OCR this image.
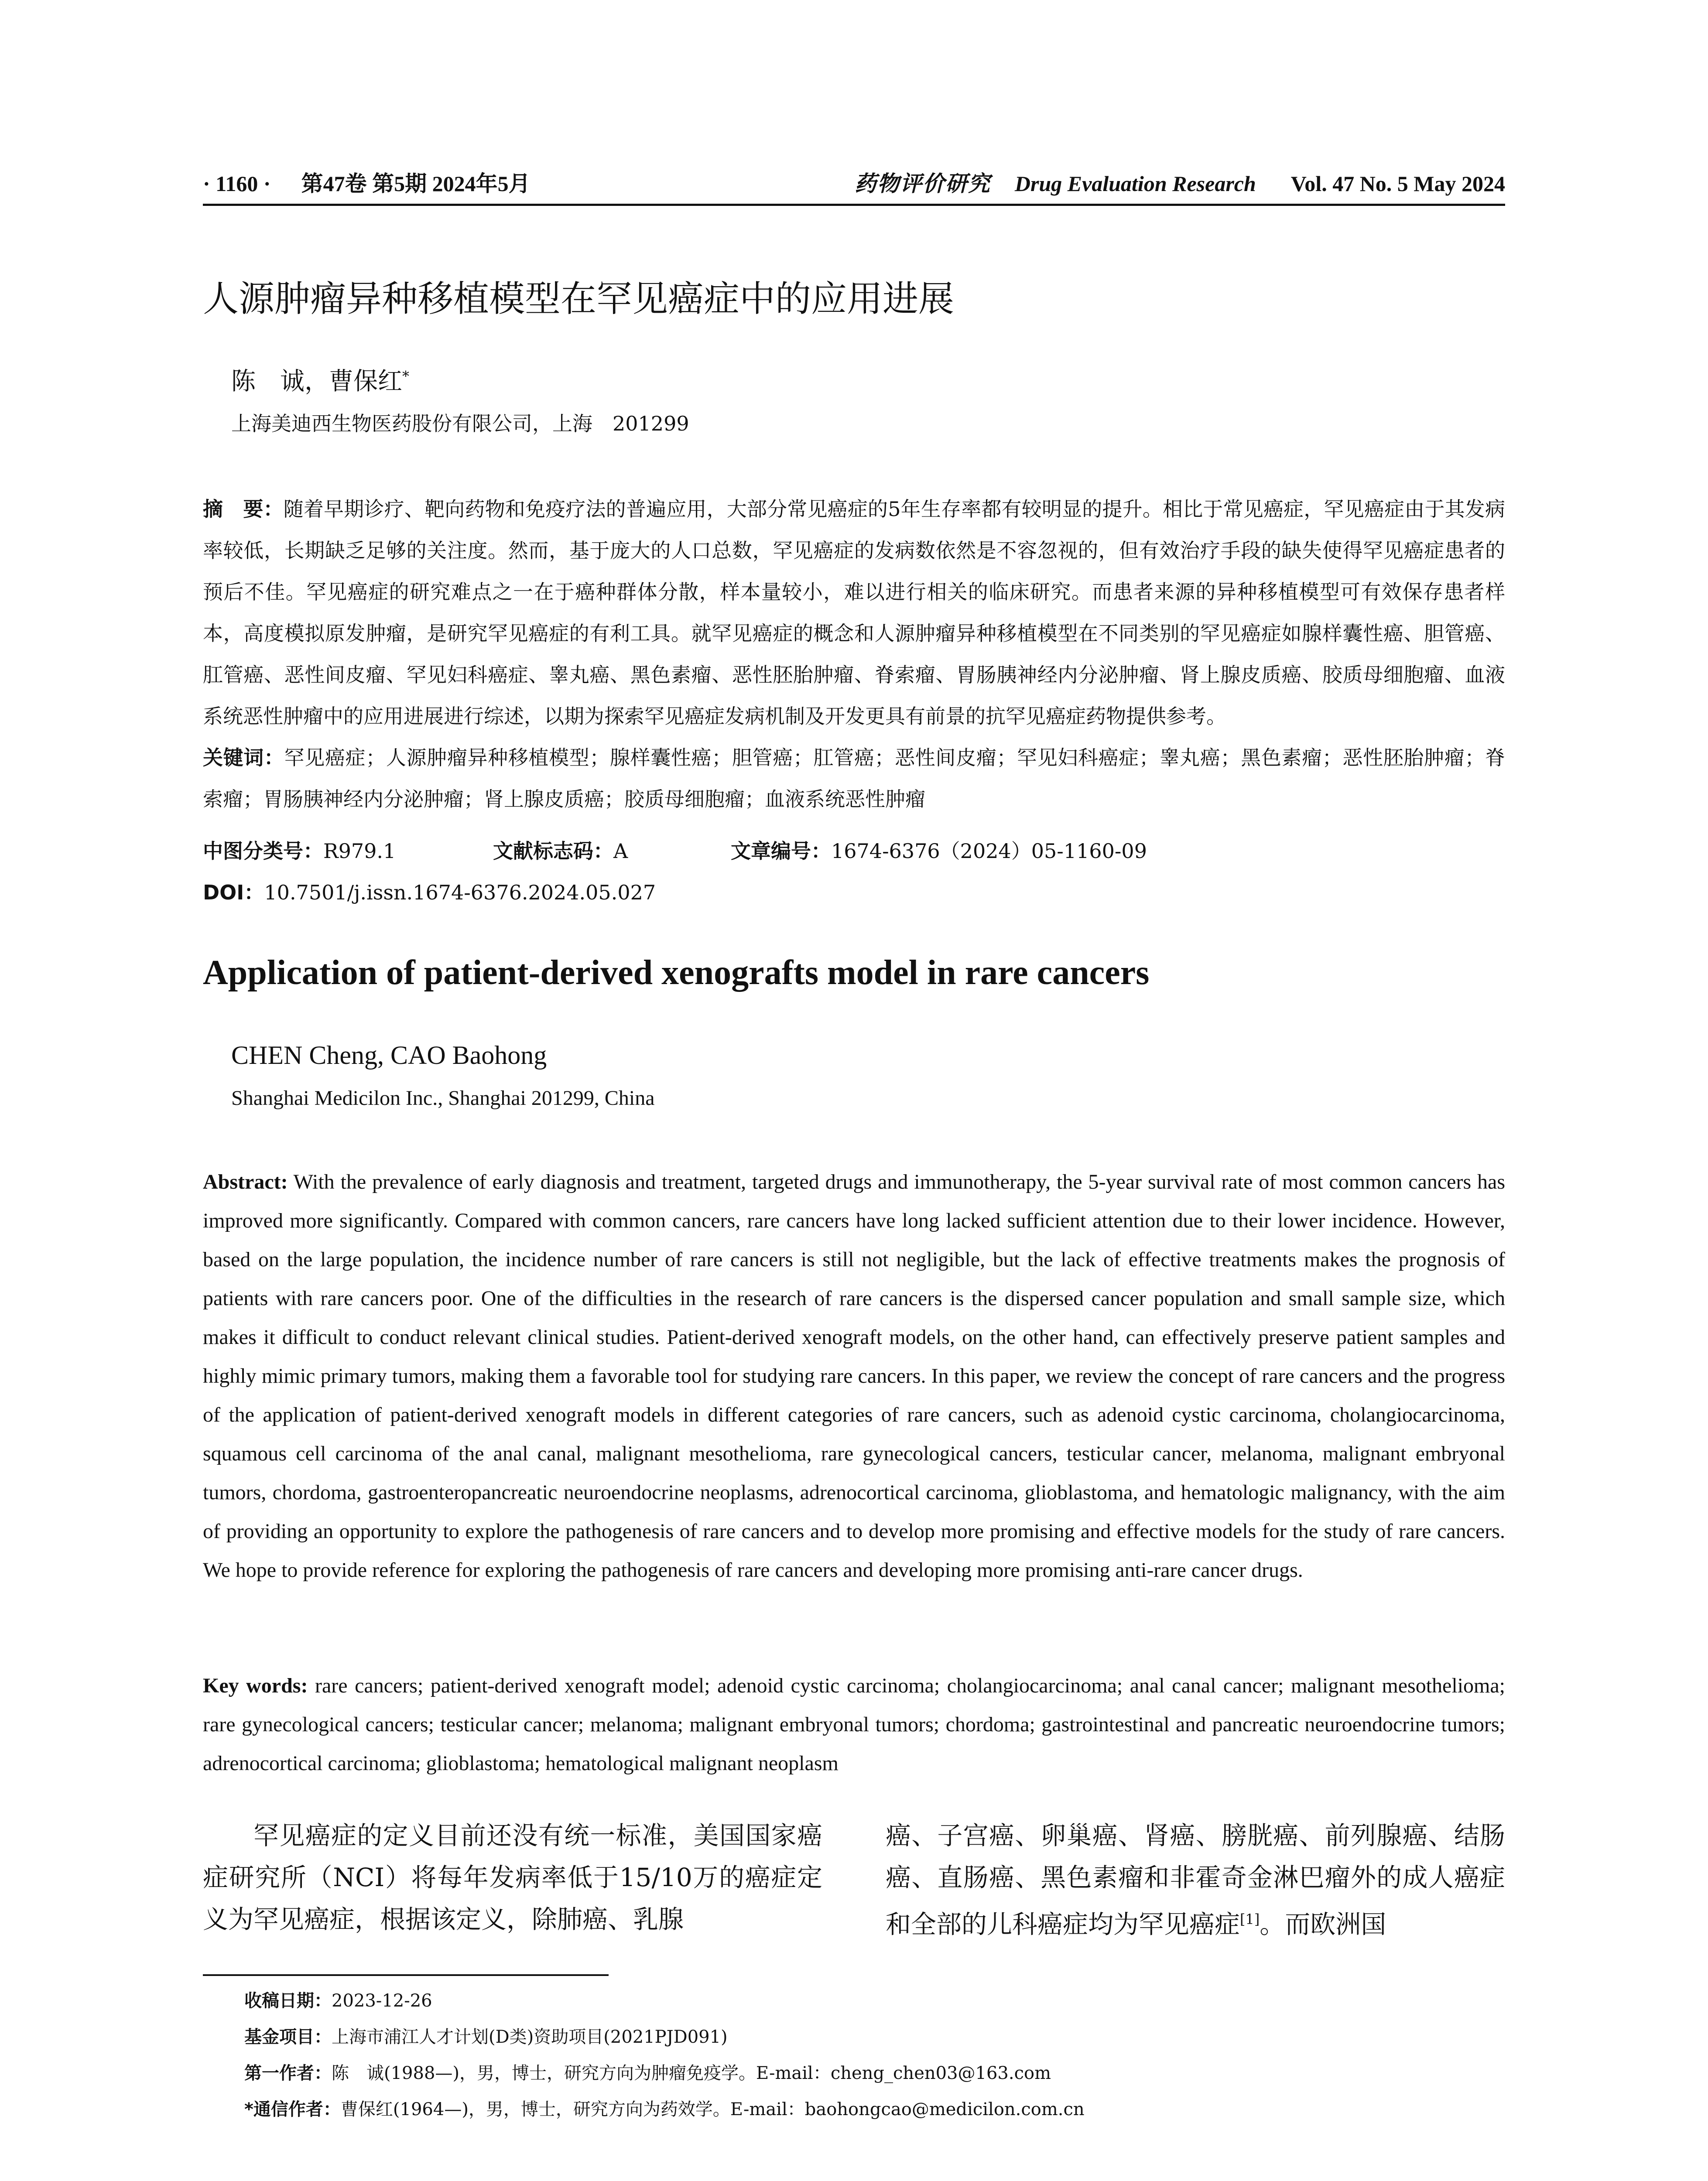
· 1160 · 第47卷 第5期 2024年5月	药物评价研究 Drug Evaluation Research Vol. 47 No. 5 May 2024
人源肿瘤异种移植模型在罕见癌症中的应用进展
陈　诚，曹保红*
上海美迪西生物医药股份有限公司，上海　201299
摘　要：随着早期诊疗、靶向药物和免疫疗法的普遍应用，大部分常见癌症的5年生存率都有较明显的提升。相比于常见癌症，罕见癌症由于其发病率较低，长期缺乏足够的关注度。然而，基于庞大的人口总数，罕见癌症的发病数依然是不容忽视的，但有效治疗手段的缺失使得罕见癌症患者的预后不佳。罕见癌症的研究难点之一在于癌种群体分散，样本量较小，难以进行相关的临床研究。而患者来源的异种移植模型可有效保存患者样本，高度模拟原发肿瘤，是研究罕见癌症的有利工具。就罕见癌症的概念和人源肿瘤异种移植模型在不同类别的罕见癌症如腺样囊性癌、胆管癌、肛管癌、恶性间皮瘤、罕见妇科癌症、睾丸癌、黑色素瘤、恶性胚胎肿瘤、脊索瘤、胃肠胰神经内分泌肿瘤、肾上腺皮质癌、胶质母细胞瘤、血液系统恶性肿瘤中的应用进展进行综述，以期为探索罕见癌症发病机制及开发更具有前景的抗罕见癌症药物提供参考。
关键词：罕见癌症；人源肿瘤异种移植模型；腺样囊性癌；胆管癌；肛管癌；恶性间皮瘤；罕见妇科癌症；睾丸癌；黑色素瘤；恶性胚胎肿瘤；脊索瘤；胃肠胰神经内分泌肿瘤；肾上腺皮质癌；胶质母细胞瘤；血液系统恶性肿瘤
中图分类号：R979.1	文献标志码：A	文章编号：1674-6376（2024）05-1160-09
DOI：10.7501/j.issn.1674-6376.2024.05.027
Application of patient-derived xenografts model in rare cancers
CHEN Cheng, CAO Baohong
Shanghai Medicilon Inc., Shanghai 201299, China
Abstract: With the prevalence of early diagnosis and treatment, targeted drugs and immunotherapy, the 5-year survival rate of most common cancers has improved more significantly. Compared with common cancers, rare cancers have long lacked sufficient attention due to their lower incidence. However, based on the large population, the incidence number of rare cancers is still not negligible, but the lack of effective treatments makes the prognosis of patients with rare cancers poor. One of the difficulties in the research of rare cancers is the dispersed cancer population and small sample size, which makes it difficult to conduct relevant clinical studies. Patient-derived xenograft models, on the other hand, can effectively preserve patient samples and highly mimic primary tumors, making them a favorable tool for studying rare cancers. In this paper, we review the concept of rare cancers and the progress of the application of patient-derived xenograft models in different categories of rare cancers, such as adenoid cystic carcinoma, cholangiocarcinoma, squamous cell carcinoma of the anal canal, malignant mesothelioma, rare gynecological cancers, testicular cancer, melanoma, malignant embryonal tumors, chordoma, gastroenteropancreatic neuroendocrine neoplasms, adrenocortical carcinoma, glioblastoma, and hematologic malignancy, with the aim of providing an opportunity to explore the pathogenesis of rare cancers and to develop more promising and effective models for the study of rare cancers. We hope to provide reference for exploring the pathogenesis of rare cancers and developing more promising anti-rare cancer drugs.
Key words: rare cancers; patient-derived xenograft model; adenoid cystic carcinoma; cholangiocarcinoma; anal canal cancer; malignant mesothelioma; rare gynecological cancers; testicular cancer; melanoma; malignant embryonal tumors; chordoma; gastrointestinal and pancreatic neuroendocrine tumors; adrenocortical carcinoma; glioblastoma; hematological malignant neoplasm
罕见癌症的定义目前还没有统一标准，美国国家癌症研究所（NCI）将每年发病率低于15/10万的癌症定义为罕见癌症，根据该定义，除肺癌、乳腺
癌、子宫癌、卵巢癌、肾癌、膀胱癌、前列腺癌、结肠癌、直肠癌、黑色素瘤和非霍奇金淋巴瘤外的成人癌症和全部的儿科癌症均为罕见癌症[1]。而欧洲国
收稿日期：2023-12-26
基金项目：上海市浦江人才计划(D类)资助项目(2021PJD091)
第一作者：陈　诚(1988—)，男，博士，研究方向为肿瘤免疫学。E-mail：cheng_chen03@163.com
*通信作者：曹保红(1964—)，男，博士，研究方向为药效学。E-mail：baohongcao@medicilon.com.cn
